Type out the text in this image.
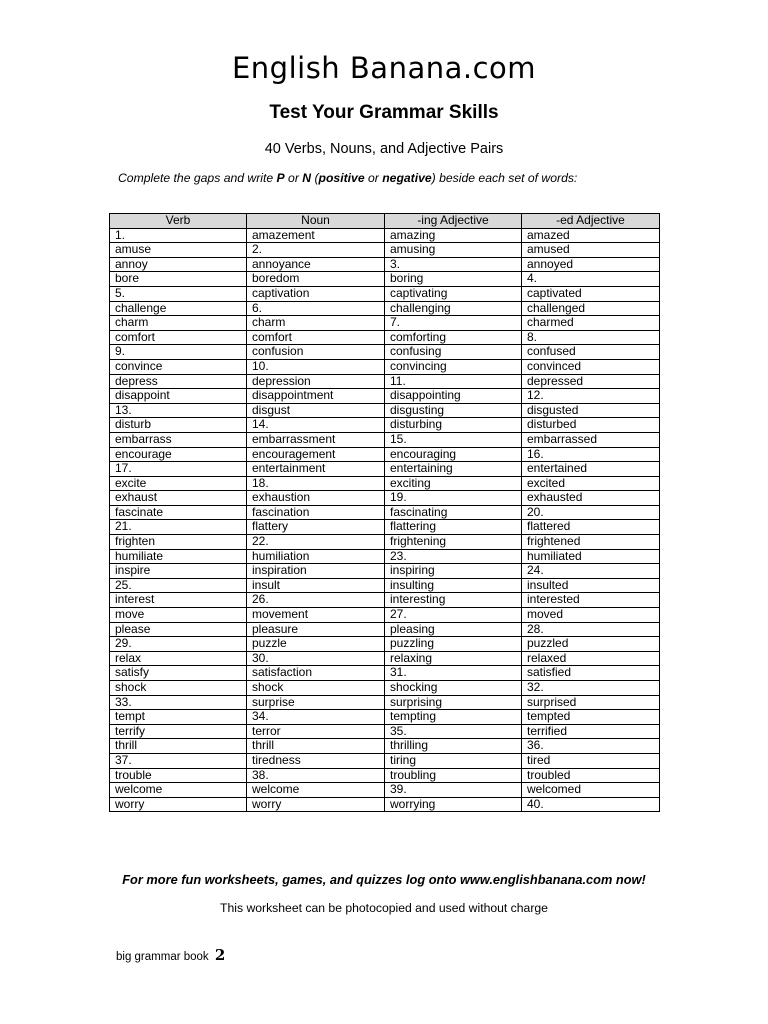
English Banana.com
Test Your Grammar Skills
40 Verbs, Nouns, and Adjective Pairs
Complete the gaps and write P or N (positive or negative) beside each set of words:
Verb	Noun	-ing Adjective	-ed Adjective
1.	amazement	amazing	amazed
amuse	2.	amusing	amused
annoy	annoyance	3.	annoyed
bore	boredom	boring	4.
5.	captivation	captivating	captivated
challenge	6.	challenging	challenged
charm	charm	7.	charmed
comfort	comfort	comforting	8.
9.	confusion	confusing	confused
convince	10.	convincing	convinced
depress	depression	11.	depressed
disappoint	disappointment	disappointing	12.
13.	disgust	disgusting	disgusted
disturb	14.	disturbing	disturbed
embarrass	embarrassment	15.	embarrassed
encourage	encouragement	encouraging	16.
17.	entertainment	entertaining	entertained
excite	18.	exciting	excited
exhaust	exhaustion	19.	exhausted
fascinate	fascination	fascinating	20.
21.	flattery	flattering	flattered
frighten	22.	frightening	frightened
humiliate	humiliation	23.	humiliated
inspire	inspiration	inspiring	24.
25.	insult	insulting	insulted
interest	26.	interesting	interested
move	movement	27.	moved
please	pleasure	pleasing	28.
29.	puzzle	puzzling	puzzled
relax	30.	relaxing	relaxed
satisfy	satisfaction	31.	satisfied
shock	shock	shocking	32.
33.	surprise	surprising	surprised
tempt	34.	tempting	tempted
terrify	terror	35.	terrified
thrill	thrill	thrilling	36.
37.	tiredness	tiring	tired
trouble	38.	troubling	troubled
welcome	welcome	39.	welcomed
worry	worry	worrying	40.
For more fun worksheets, games, and quizzes log onto www.englishbanana.com now!
This worksheet can be photocopied and used without charge
big grammar book 2
